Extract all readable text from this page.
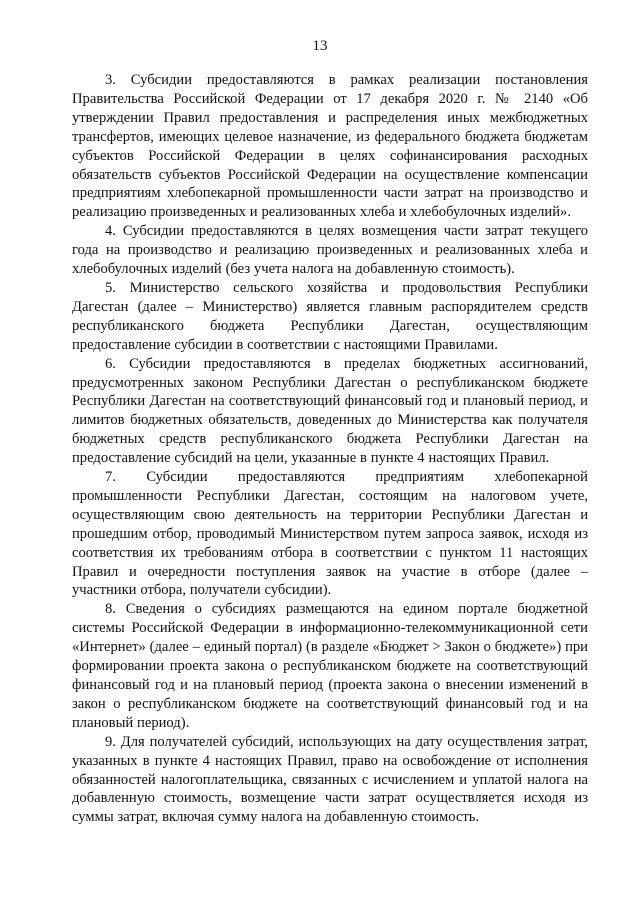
13

3. Субсидии предоставляются в рамках реализации постановления Правительства Российской Федерации от 17 декабря 2020 г. № 2140 «Об утверждении Правил предоставления и распределения иных межбюджетных трансфертов, имеющих целевое назначение, из федерального бюджета бюджетам субъектов Российской Федерации в целях софинансирования расходных обязательств субъектов Российской Федерации на осуществление компенсации предприятиям хлебопекарной промышленности части затрат на производство и реализацию произведенных и реализованных хлеба и хлебобулочных изделий».

4. Субсидии предоставляются в целях возмещения части затрат текущего года на производство и реализацию произведенных и реализованных хлеба и хлебобулочных изделий (без учета налога на добавленную стоимость).

5. Министерство сельского хозяйства и продовольствия Республики Дагестан (далее – Министерство) является главным распорядителем средств республиканского бюджета Республики Дагестан, осуществляющим предоставление субсидии в соответствии с настоящими Правилами.

6. Субсидии предоставляются в пределах бюджетных ассигнований, предусмотренных законом Республики Дагестан о республиканском бюджете Республики Дагестан на соответствующий финансовый год и плановый период, и лимитов бюджетных обязательств, доведенных до Министерства как получателя бюджетных средств республиканского бюджета Республики Дагестан на предоставление субсидий на цели, указанные в пункте 4 настоящих Правил.

7. Субсидии предоставляются предприятиям хлебопекарной промышленности Республики Дагестан, состоящим на налоговом учете, осуществляющим свою деятельность на территории Республики Дагестан и прошедшим отбор, проводимый Министерством путем запроса заявок, исходя из соответствия их требованиям отбора в соответствии с пунктом 11 настоящих Правил и очередности поступления заявок на участие в отборе (далее – участники отбора, получатели субсидии).

8. Сведения о субсидиях размещаются на едином портале бюджетной системы Российской Федерации в информационно-телекоммуникационной сети «Интернет» (далее – единый портал) (в разделе «Бюджет > Закон о бюджете») при формировании проекта закона о республиканском бюджете на соответствующий финансовый год и на плановый период (проекта закона о внесении изменений в закон о республиканском бюджете на соответствующий финансовый год и на плановый период).

9. Для получателей субсидий, использующих на дату осуществления затрат, указанных в пункте 4 настоящих Правил, право на освобождение от исполнения обязанностей налогоплательщика, связанных с исчислением и уплатой налога на добавленную стоимость, возмещение части затрат осуществляется исходя из суммы затрат, включая сумму налога на добавленную стоимость.
